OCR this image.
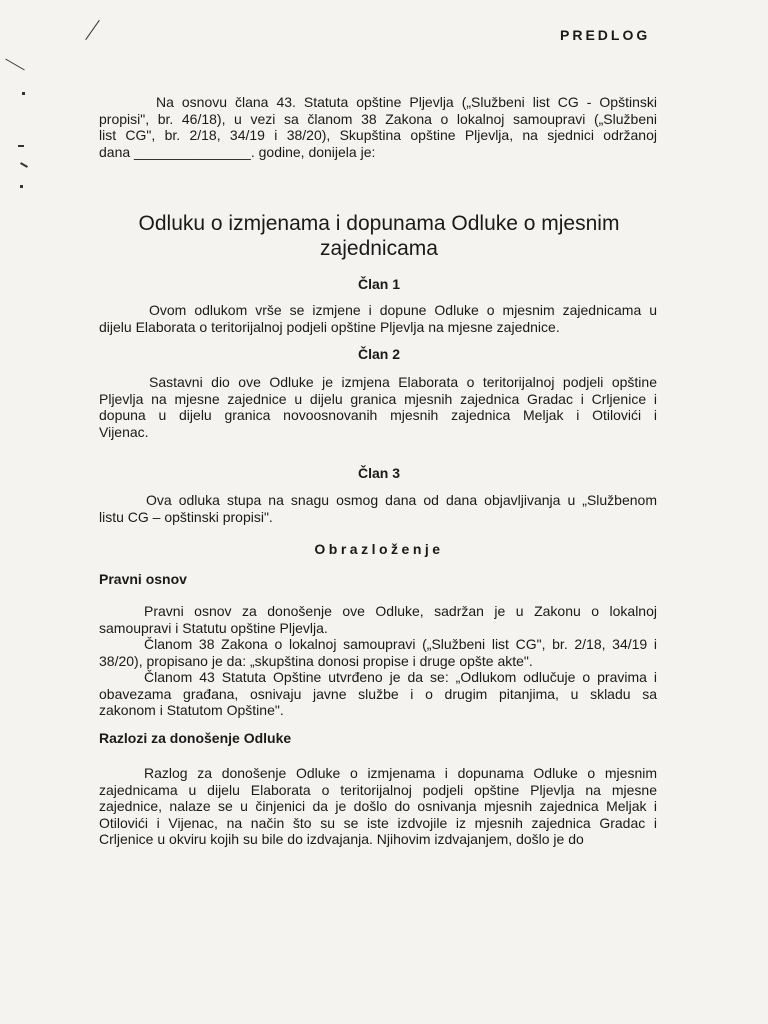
PREDLOG
Na osnovu člana 43. Statuta opštine Pljevlja („Službeni list CG - Opštinski
propisi", br. 46/18), u vezi sa članom 38 Zakona o lokalnoj samoupravi („Službeni
list CG", br. 2/18, 34/19 i 38/20), Skupština opštine Pljevlja, na sjednici održanoj
dana _______________. godine, donijela je:
Odluku o izmjenama i dopunama Odluke o mjesnim
zajednicama
Član 1
Ovom odlukom vrše se izmjene i dopune Odluke o mjesnim zajednicama u
dijelu Elaborata o teritorijalnoj podjeli opštine Pljevlja na mjesne zajednice.
Član 2
Sastavni dio ove Odluke je izmjena Elaborata o teritorijalnoj podjeli opštine
Pljevlja na mjesne zajednice u dijelu granica mjesnih zajednica Gradac i Crljenice i
dopuna u dijelu granica novoosnovanih mjesnih zajednica Meljak i Otilovići i
Vijenac.
Član 3
Ova odluka stupa na snagu osmog dana od dana objavljivanja u „Službenom
listu CG – opštinski propisi".
Obrazloženje
Pravni osnov
Pravni osnov za donošenje ove Odluke, sadržan je u Zakonu o lokalnoj
samoupravi i Statutu opštine Pljevlja.
Članom 38 Zakona o lokalnoj samoupravi („Službeni list CG", br. 2/18, 34/19 i
38/20), propisano je da: „skupština donosi propise i druge opšte akte".
Članom 43 Statuta Opštine utvrđeno je da se: „Odlukom odlučuje o pravima i
obavezama građana, osnivaju javne službe i o drugim pitanjima, u skladu sa
zakonom i Statutom Opštine".
Razlozi za donošenje Odluke
Razlog za donošenje Odluke o izmjenama i dopunama Odluke o mjesnim
zajednicama u dijelu Elaborata o teritorijalnoj podjeli opštine Pljevlja na mjesne
zajednice, nalaze se u činjenici da je došlo do osnivanja mjesnih zajednica Meljak i
Otilovići i Vijenac, na način što su se iste izdvojile iz mjesnih zajednica Gradac i
Crljenice u okviru kojih su bile do izdvajanja. Njihovim izdvajanjem, došlo je do
